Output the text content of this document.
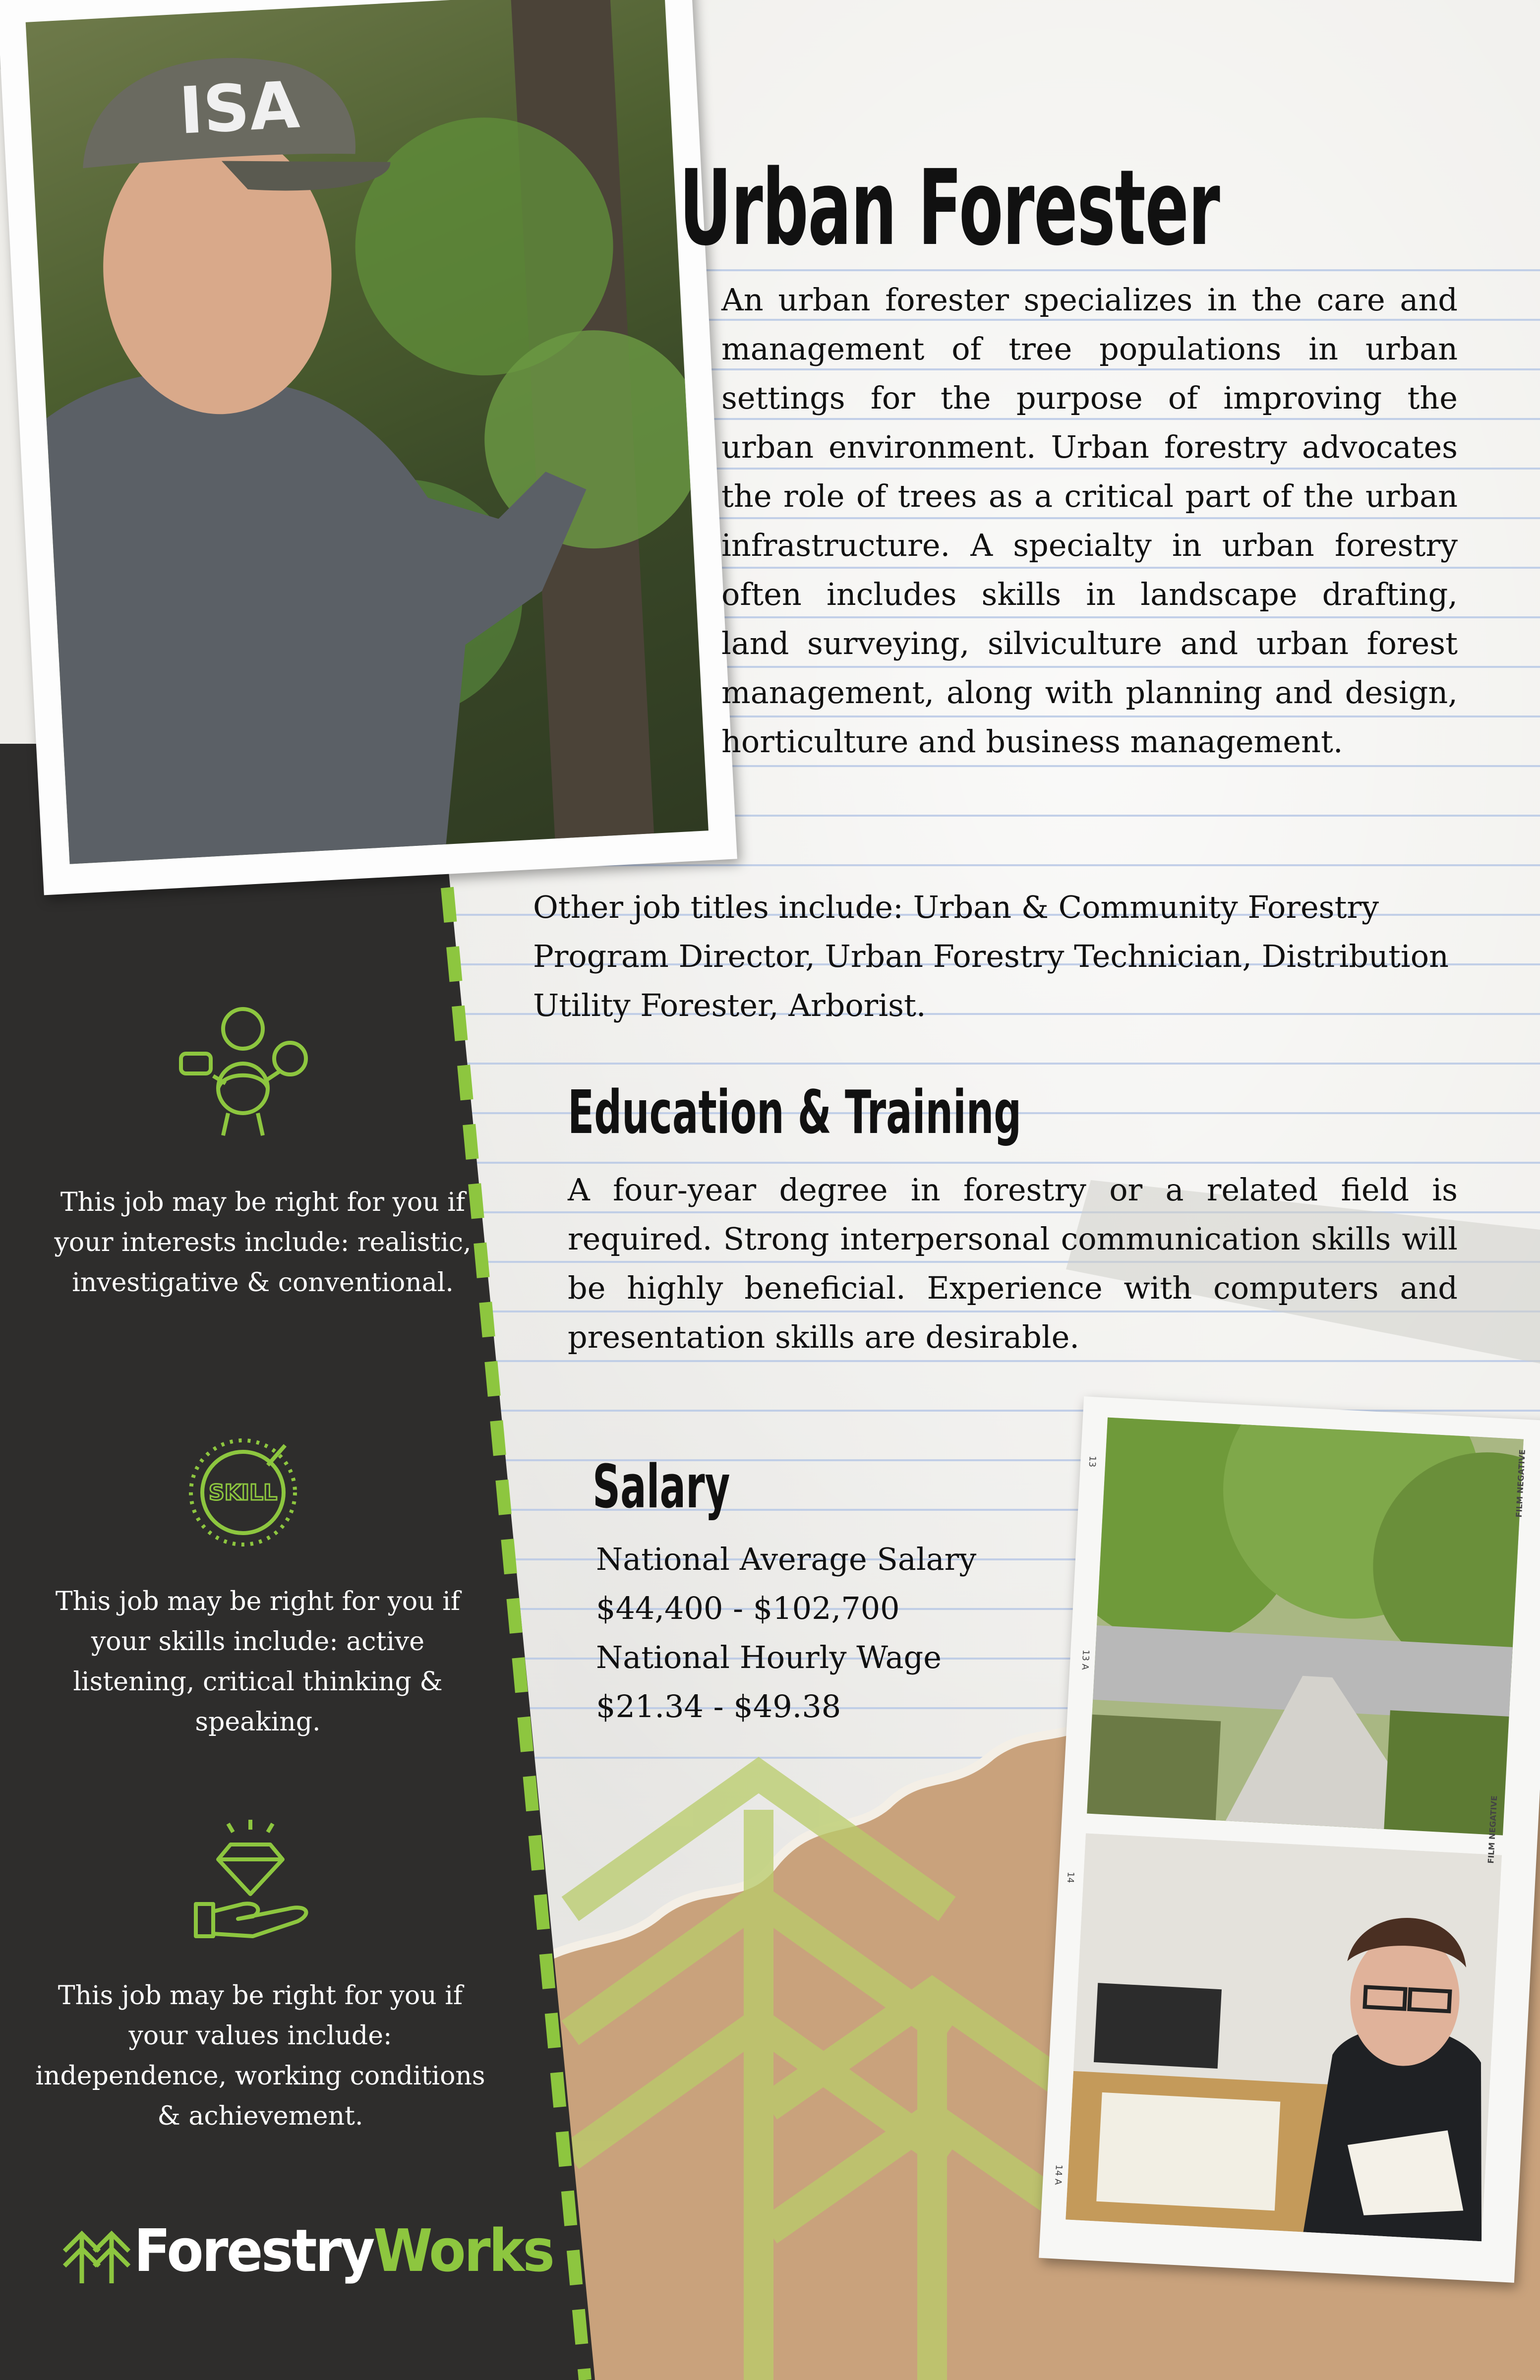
ISA
Urban Forester
An urban forester specializes in the care and management of tree populations in urban settings for the purpose of improving the urban environment. Urban forestry advocates the role of trees as a critical part of the urban infrastructure. A specialty in urban forestry often includes skills in landscape drafting, land surveying, silviculture and urban forest management, along with planning and design, horticulture and business management.
Other job titles include: Urban & Community Forestry Program Director, Urban Forestry Technician, Distribution Utility Forester, Arborist.
Education & Training
A four-year degree in forestry or a related field is required. Strong interpersonal communication skills will be highly beneficial. Experience with computers and presentation skills are desirable.
Salary
National Average Salary
$44,400 - $102,700
National Hourly Wage
$21.34 - $49.38
13
13 A
14
14 A
FILM NEGATIVE
FILM NEGATIVE
This job may be right for you if your interests include: realistic, investigative & conventional.
SKILL
This job may be right for you if your skills include: active listening, critical thinking & speaking.
This job may be right for you if your values include: independence, working conditions & achievement.
ForestryWorks
